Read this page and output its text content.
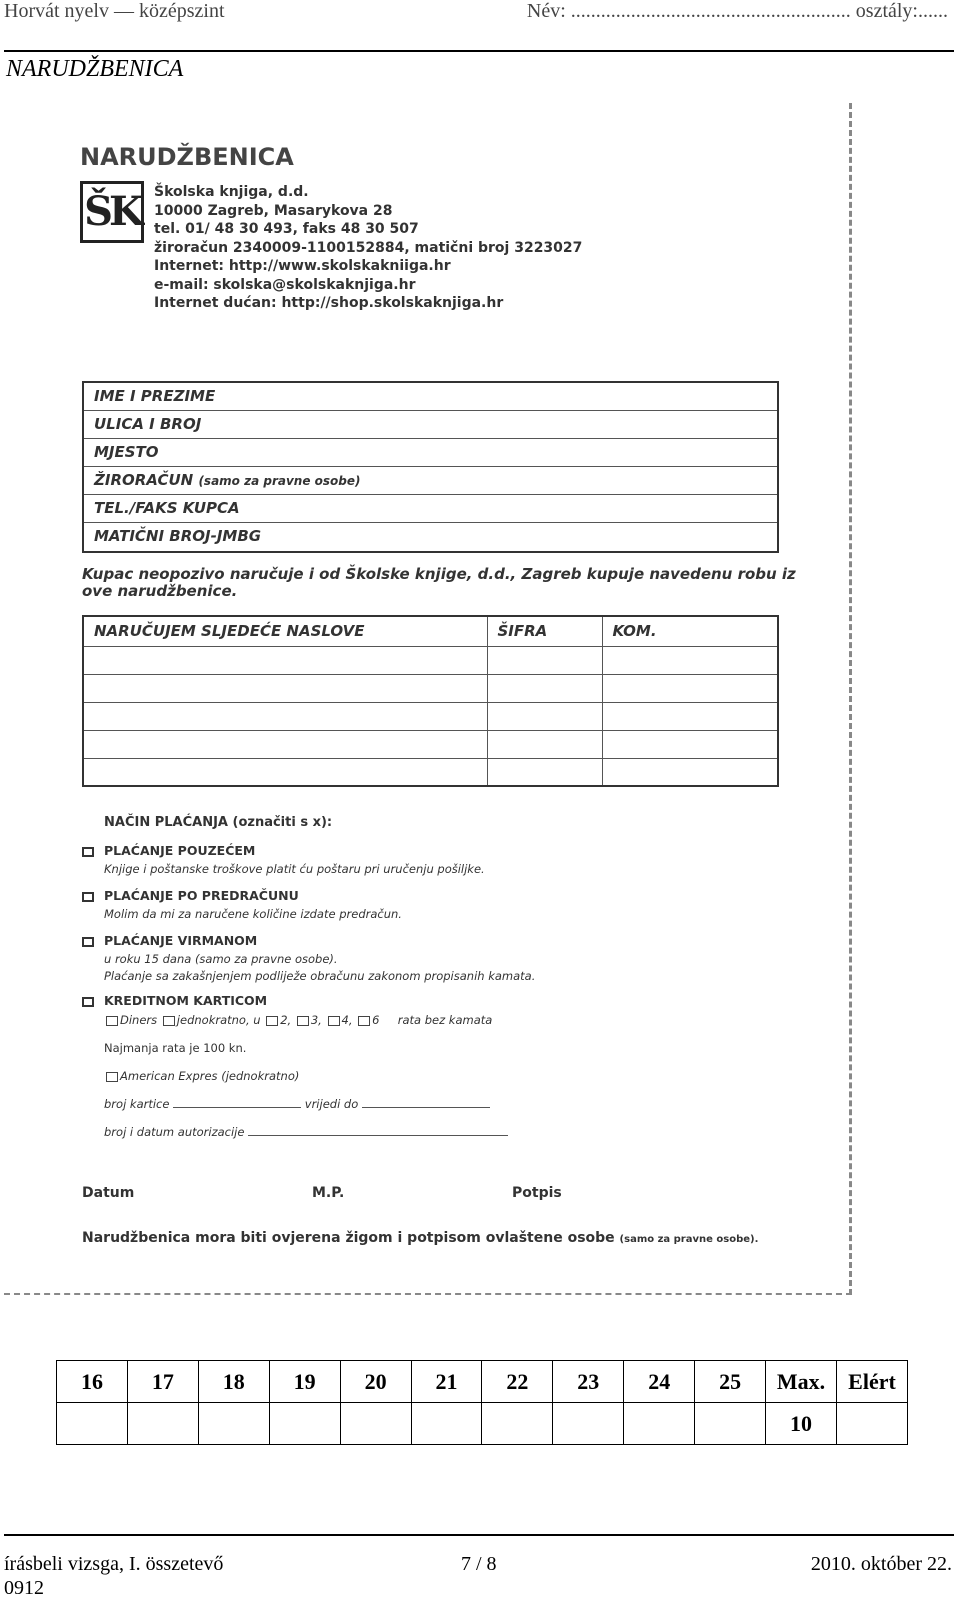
Horvát nyelv — középszint	Név: ........................................................ osztály:......
NARUDŽBENICA
NARUDŽBENICA
ŠK Školska knjiga, d.d.
10000 Zagreb, Masarykova 28
tel. 01/ 48 30 493, faks 48 30 507
žiroračun 2340009-1100152884, matični broj 3223027
Internet: http://www.skolskakniiga.hr
e-mail: skolska@skolskaknjiga.hr
Internet dućan: http://shop.skolskaknjiga.hr
IME I PREZIME
ULICA I BROJ
MJESTO
ŽIRORAČUN (samo za pravne osobe)
TEL./FAKS KUPCA
MATIČNI BROJ-JMBG
Kupac neopozivo naručuje i od Školske knjige, d.d., Zagreb kupuje navedenu robu iz ove narudžbenice.
NARUČUJEM SLJEDEĆE NASLOVE	ŠIFRA	KOM.

NAČIN PLAĆANJA (označiti s x):
PLAĆANJE POUZEĆEM
Knjige i poštanske troškove platit ću poštaru pri uručenju pošiljke.
PLAĆANJE PO PREDRAČUNU
Molim da mi za naručene količine izdate predračun.
PLAĆANJE VIRMANOM
u roku 15 dana (samo za pravne osobe).
Plaćanje sa zakašnjenjem podliježe obračunu zakonom propisanih kamata.
KREDITNOM KARTICOM
Diners jednokratno, u 2, 3, 4, 6 rata bez kamata
Najmanja rata je 100 kn.
American Expres (jednokratno)
broj kartice	vrijedi do
broj i datum autorizacije
Datum	M.P.	Potpis
Narudžbenica mora biti ovjerena žigom i potpisom ovlaštene osobe (samo za pravne osobe).
16	17	18	19	20	21	22	23	24	25	Max.	Elért
										10	
írásbeli vizsga, I. összetevő	7 / 8	2010. október 22.
0912
